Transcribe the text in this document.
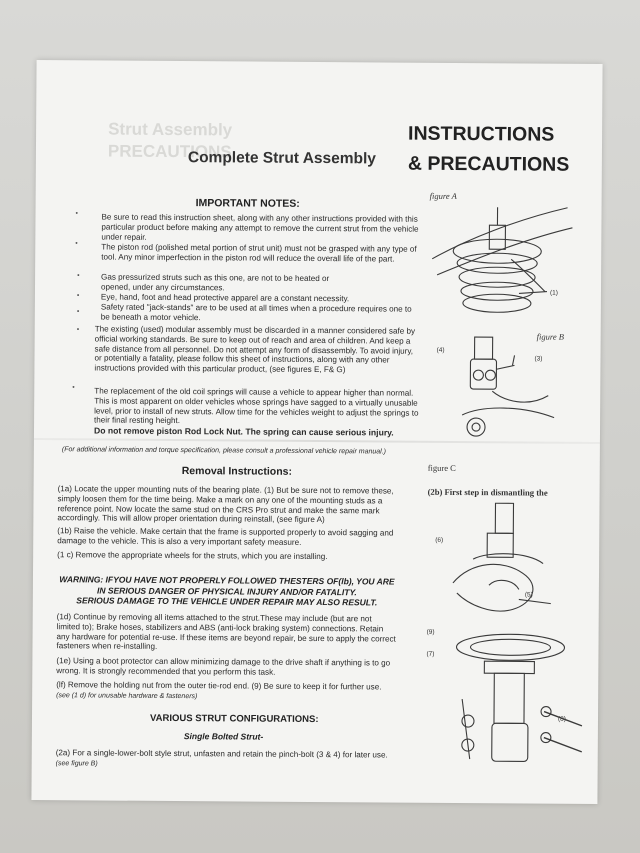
Strut Assembly
PRECAUTIONS
Complete Strut Assembly
INSTRUCTIONS
& PRECAUTIONS
IMPORTANT NOTES:
•
•
•
•
•
•
•
Be sure to read this instruction sheet, along with any other instructions provided with this particular product before making any attempt to remove the current strut from the vehicle under repair.
The piston rod (polished metal portion of strut unit) must not be grasped with any type of tool. Any minor imperfection in the piston rod will reduce the overall life of the part.
Gas pressurized struts such as this one, are not to be heated or opened, under any circumstances.
Eye, hand, foot and head protective apparel are a constant necessity.
Safety rated "jack-stands" are to be used at all times when a procedure requires one to be beneath a motor vehicle.
The existing (used) modular assembly must be discarded in a manner considered safe by official working standards. Be sure to keep out of reach and area of children. And keep a safe distance from all personnel. Do not attempt any form of disassembly. To avoid injury, or potentially a fatality, please follow this sheet of instructions, along with any other instructions provided with this particular product, (see figures E, F& G)
The replacement of the old coil springs will cause a vehicle to appear higher than normal. This is most apparent on older vehicles whose springs have sagged to a virtually unusable level, prior to install of new struts. Allow time for the vehicles weight to adjust the springs to their final resting height.
Do not remove piston Rod Lock Nut. The spring can cause serious injury.
(For additional information and torque specification, please consult a professional vehicle repair manual.)
Removal Instructions:
(1a) Locate the upper mounting nuts of the bearing plate. (1) But be sure not to remove these, simply loosen them for the time being. Make a mark on any one of the mounting studs as a reference point. Now locate the same stud on the CRS Pro strut and make the same mark accordingly. This will allow proper orientation during reinstall, (see figure A)
(1b) Raise the vehicle. Make certain that the frame is supported properly to avoid sagging and damage to the vehicle. This is also a very important safety measure.
(1 c) Remove the appropriate wheels for the struts, which you are installing.
WARNING: IFYOU HAVE NOT PROPERLY FOLLOWED THESTERS OF(lb), YOU ARE
IN SERIOUS DANGER OF PHYSICAL INJURY AND/OR FATALITY.
SERIOUS DAMAGE TO THE VEHICLE UNDER REPAIR MAY ALSO RESULT.
(1d) Continue by removing all items attached to the strut.These may include (but are not limited to); Brake hoses, stabilizers and ABS (anti-lock braking system) connections. Retain any hardware for potential re-use. If these items are beyond repair, be sure to apply the correct fasteners when re-installing.
(1e) Using a boot protector can allow minimizing damage to the drive shaft if anything is to go wrong. It is strongly recommended that you perform this task.
(lf) Remove the holding nut from the outer tie-rod end. (9) Be sure to keep it for further use. (see (1 d) for unusable hardware & fasteners)
VARIOUS STRUT CONFIGURATIONS:
Single Bolted Strut-
(2a) For a single-lower-bolt style strut, unfasten and retain the pinch-bolt (3 & 4) for later use. (see figure B)
figure A
figure B
figure C
(2b) First step in dismantling the
(1)
(4)
(3)
(6)
(5)
(9)
(7)
(8)
